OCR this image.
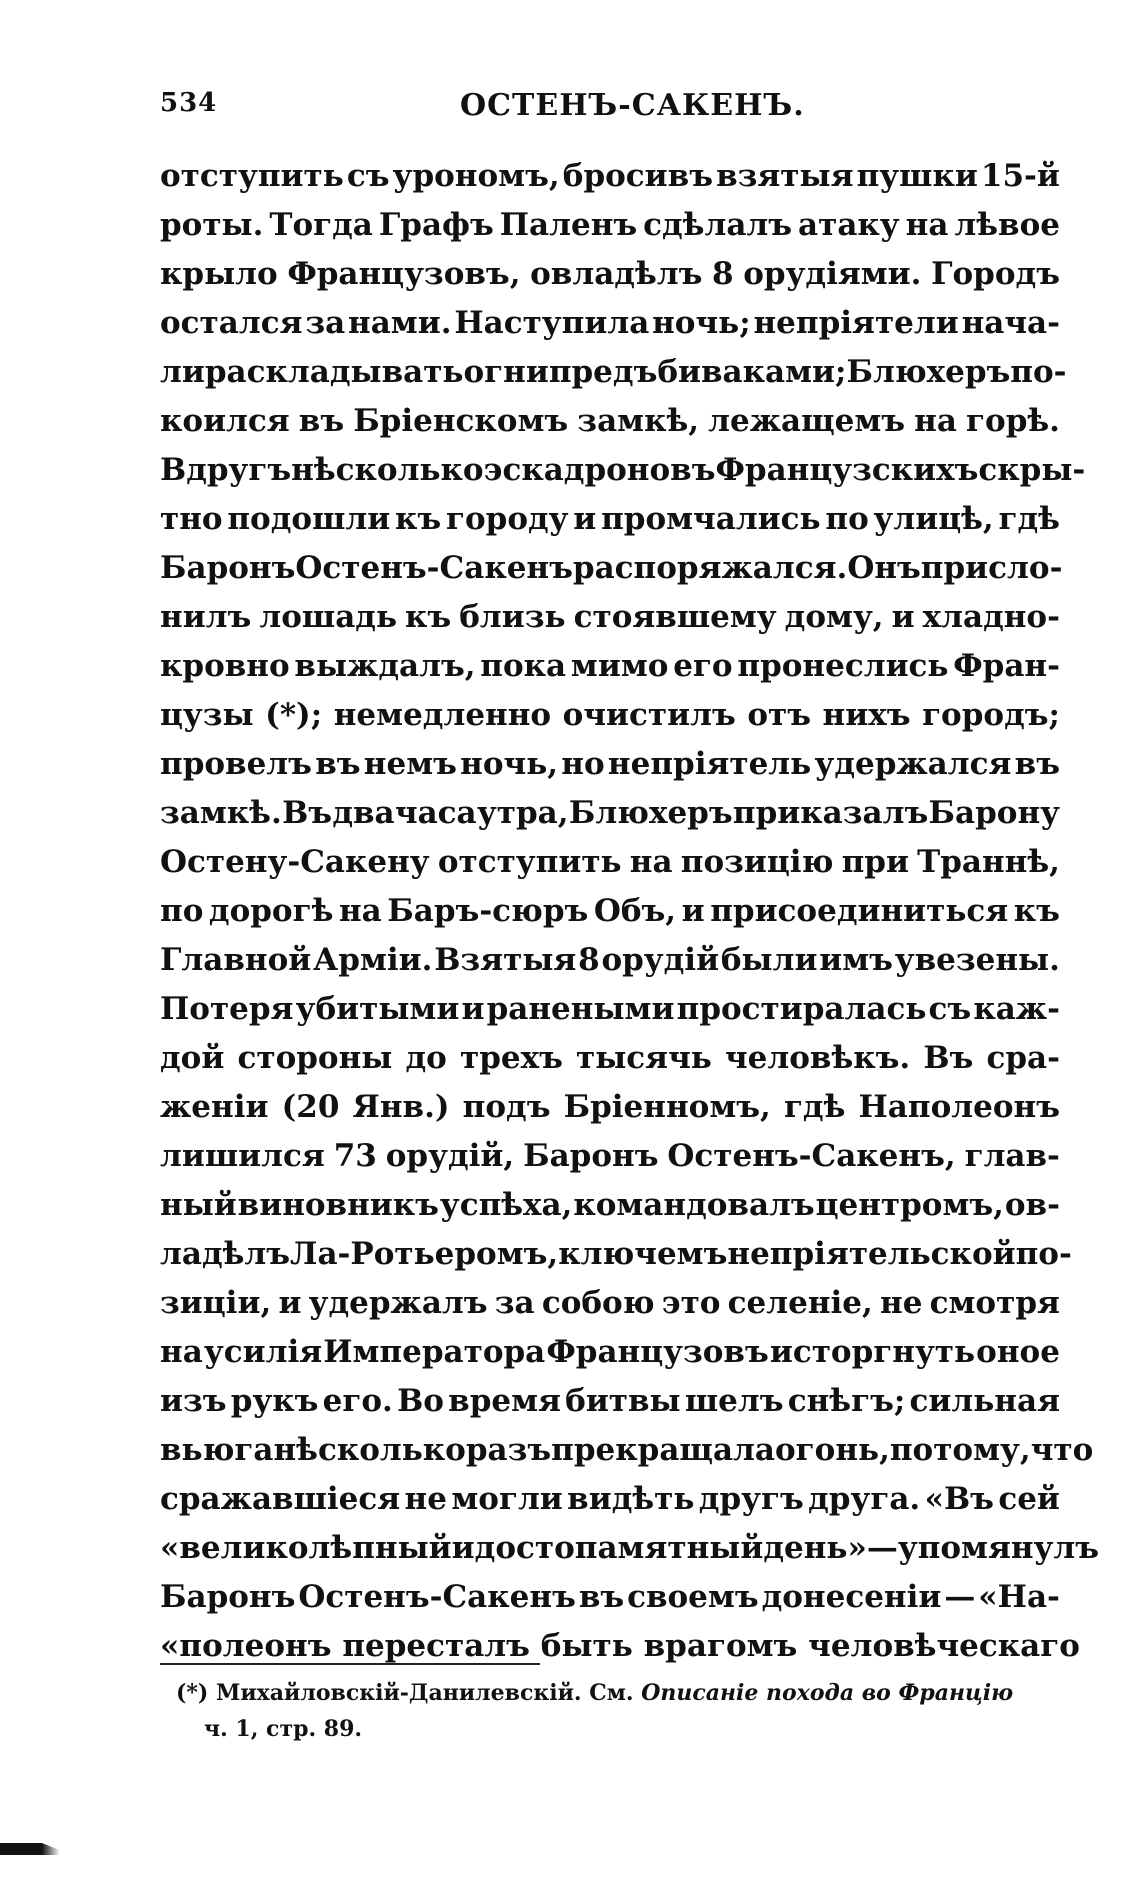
534	ОСТЕНЪ-САКЕНЪ.
отступить съ урономъ, бросивъ взятыя пушки 15-й
роты. Тогда Графъ Паленъ сдѣлалъ атаку на лѣвое
крыло Французовъ, овладѣлъ 8 орудіями. Городъ
остался за нами. Наступила ночь; непріятели нача-
ли раскладывать огни предъ биваками; Блюхеръ по-
коился въ Бріенскомъ замкѣ, лежащемъ на горѣ.
Вдругъ нѣсколько эскадроновъ Французскихъ скры-
тно подошли къ городу и промчались по улицѣ, гдѣ
Баронъ Остенъ-Сакенъ распоряжался. Онъ прислo-
нилъ лошадь къ близь стоявшему дому, и хладно-
кровно выждалъ, пока мимо его пронеслись Фран-
цузы (*); немедленно очистилъ отъ нихъ городъ;
провелъ въ немъ ночь, но непріятель удержался въ
замкѣ. Въ два часа утра, Блюхеръ приказалъ Барону
Остену-Сакену отступить на позицію при Траннѣ,
по дорогѣ на Баръ-сюръ Объ, и присоединиться къ
Главной Арміи. Взятыя 8 орудій были имъ увезены.
Потеря убитыми и ранеными простиралась съ каж-
дой стороны до трехъ тысячь человѣкъ. Въ сра-
женіи (20 Янв.) подъ Бріенномъ, гдѣ Наполеонъ
лишился 73 орудій, Баронъ Остенъ-Сакенъ, глав-
ный виновникъ успѣха, командовалъ центромъ, ов-
ладѣлъ Ла-Ротьеромъ, ключемъ непріятельской по-
зиціи, и удержалъ за собою это селеніе, не смотря
на усилія Императора Французовъ исторгнуть оное
изъ рукъ его. Во время битвы шелъ снѣгъ; сильная
вьюга нѣсколько разъ прекращала огонь, потому, что
сражавшіеся не могли видѣть другъ друга. «Въ сей
«великолѣпный и достопамятный день» — упомянулъ
Баронъ Остенъ-Сакенъ въ своемъ донесеніи — «На-
«полеонъ пересталъ быть врагомъ человѣческаго
(*) Михайловскій-Данилевскій. См. Описаніе похода во Францію
ч. 1, стр. 89.
